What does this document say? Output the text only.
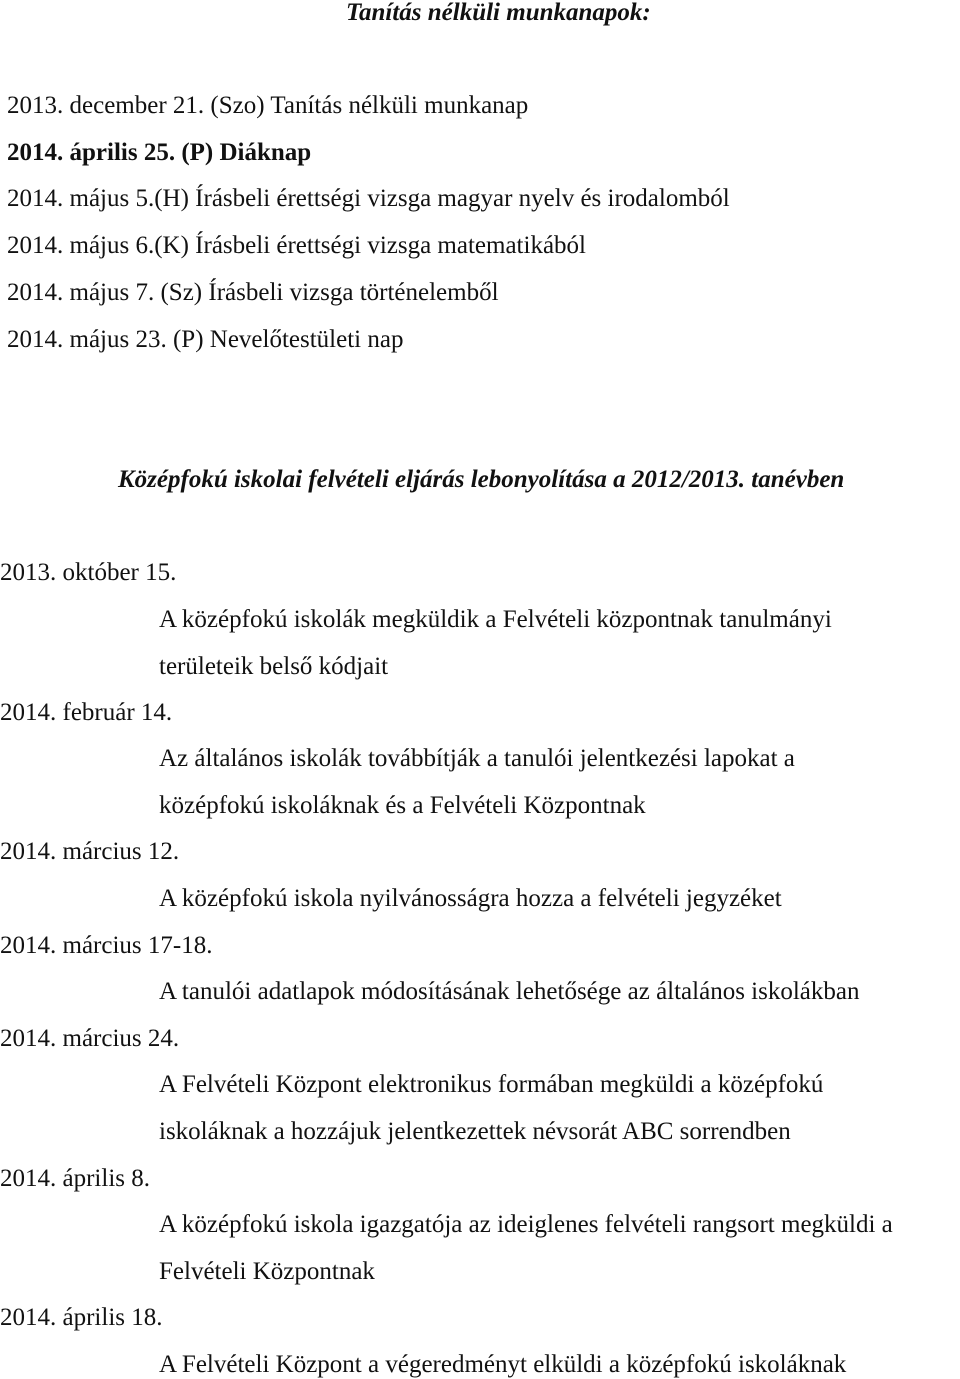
Tanítás nélküli munkanapok:
2013. december 21. (Szo) Tanítás nélküli munkanap
2014. április 25. (P) Diáknap
2014. május 5.(H) Írásbeli érettségi vizsga magyar nyelv és irodalomból
2014. május 6.(K) Írásbeli érettségi vizsga matematikából
2014. május 7. (Sz) Írásbeli vizsga történelemből
2014. május 23. (P) Nevelőtestületi nap
Középfokú iskolai felvételi eljárás lebonyolítása a 2012/2013. tanévben
2013. október 15.
A középfokú iskolák megküldik a Felvételi központnak tanulmányi
területeik belső kódjait
2014. február 14.
Az általános iskolák továbbítják a tanulói jelentkezési lapokat a
középfokú iskoláknak és a Felvételi Központnak
2014. március 12.
A középfokú iskola nyilvánosságra hozza a felvételi jegyzéket
2014. március 17-18.
A tanulói adatlapok módosításának lehetősége az általános iskolákban
2014. március 24.
A Felvételi Központ elektronikus formában megküldi a középfokú
iskoláknak a hozzájuk jelentkezettek névsorát ABC sorrendben
2014. április 8.
A középfokú iskola igazgatója az ideiglenes felvételi rangsort megküldi a
Felvételi Központnak
2014. április 18.
A Felvételi Központ a végeredményt elküldi a középfokú iskoláknak
